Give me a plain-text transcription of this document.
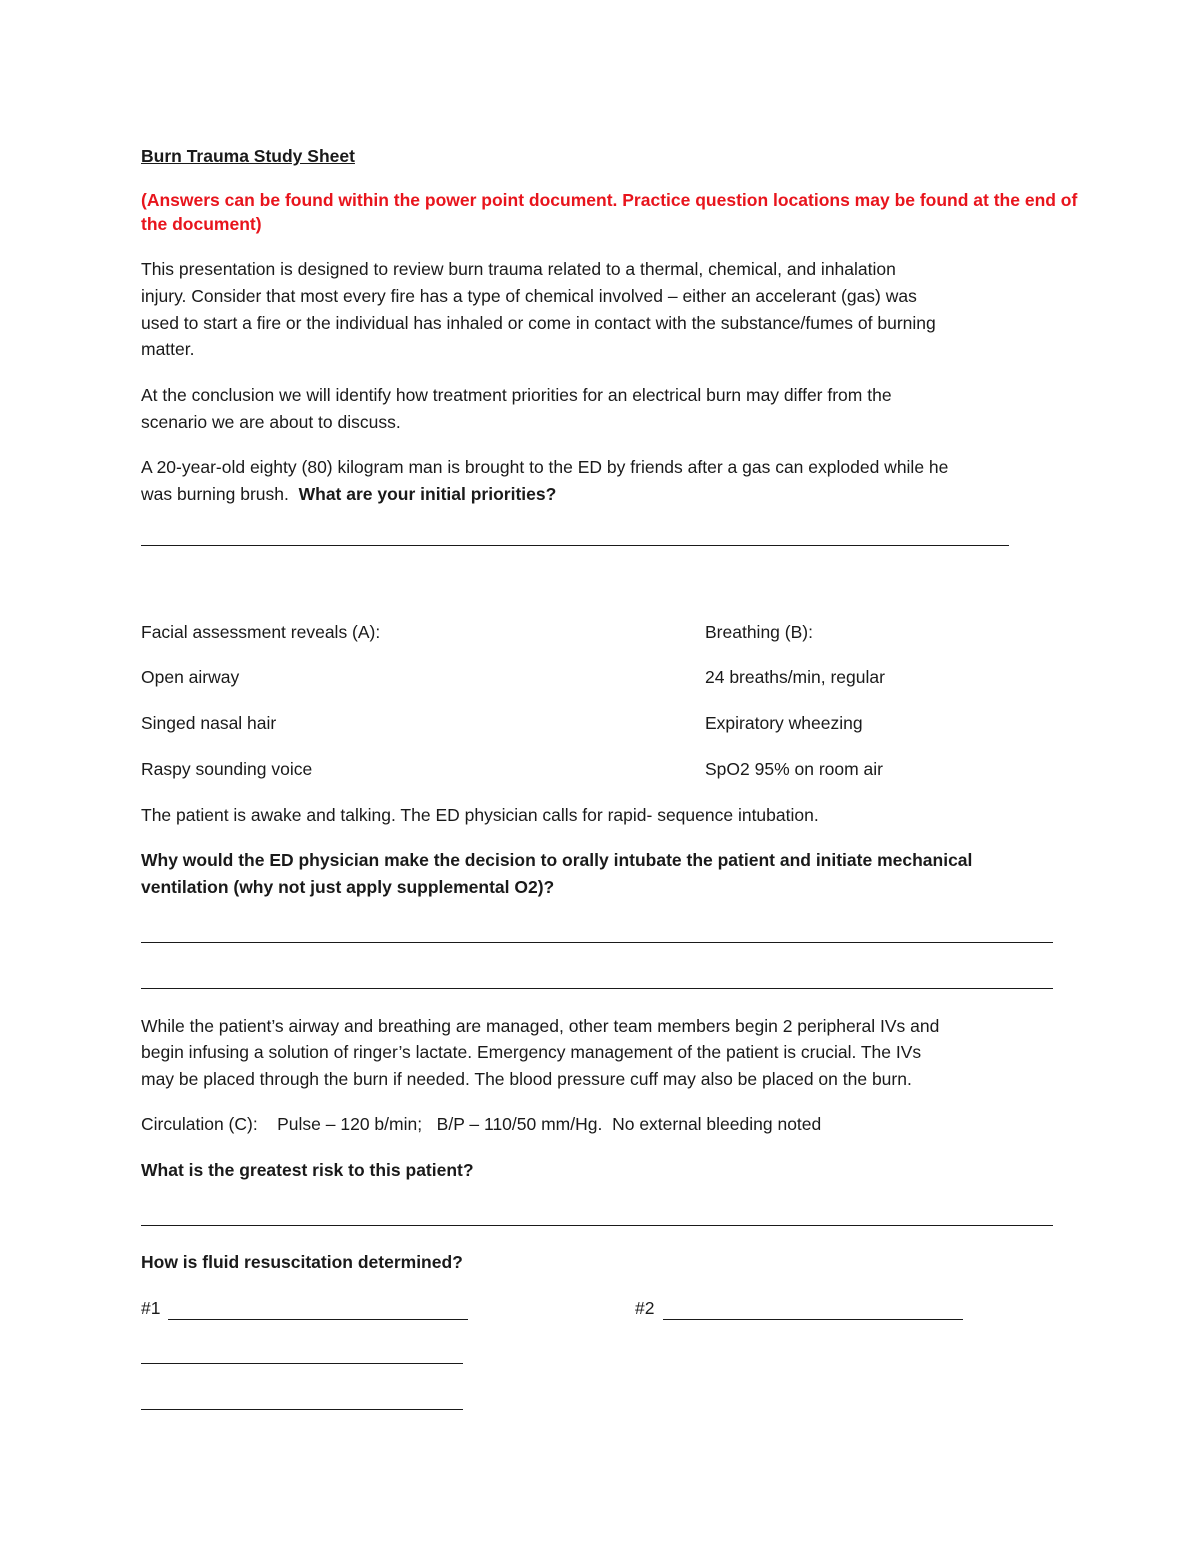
Burn Trauma Study Sheet

(Answers can be found within the power point document. Practice question locations may be found at the end of

the document)

This presentation is designed to review burn trauma related to a thermal, chemical, and inhalation

injury. Consider that most every fire has a type of chemical involved – either an accelerant (gas) was

used to start a fire or the individual has inhaled or come in contact with the substance/fumes of burning

matter.

At the conclusion we will identify how treatment priorities for an electrical burn may differ from the

scenario we are about to discuss.

A 20-year-old eighty (80) kilogram man is brought to the ED by friends after a gas can exploded while he

was burning brush. What are your initial priorities?

Facial assessment reveals (A):	Breathing (B):

Open airway	24 breaths/min, regular

Singed nasal hair	Expiratory wheezing

Raspy sounding voice	SpO2 95% on room air

The patient is awake and talking. The ED physician calls for rapid- sequence intubation.

Why would the ED physician make the decision to orally intubate the patient and initiate mechanical

ventilation (why not just apply supplemental O2)?

While the patient’s airway and breathing are managed, other team members begin 2 peripheral IVs and

begin infusing a solution of ringer’s lactate. Emergency management of the patient is crucial. The IVs

may be placed through the burn if needed. The blood pressure cuff may also be placed on the burn.

Circulation (C):    Pulse – 120 b/min;   B/P – 110/50 mm/Hg.  No external bleeding noted

What is the greatest risk to this patient?

How is fluid resuscitation determined?

#1	#2
